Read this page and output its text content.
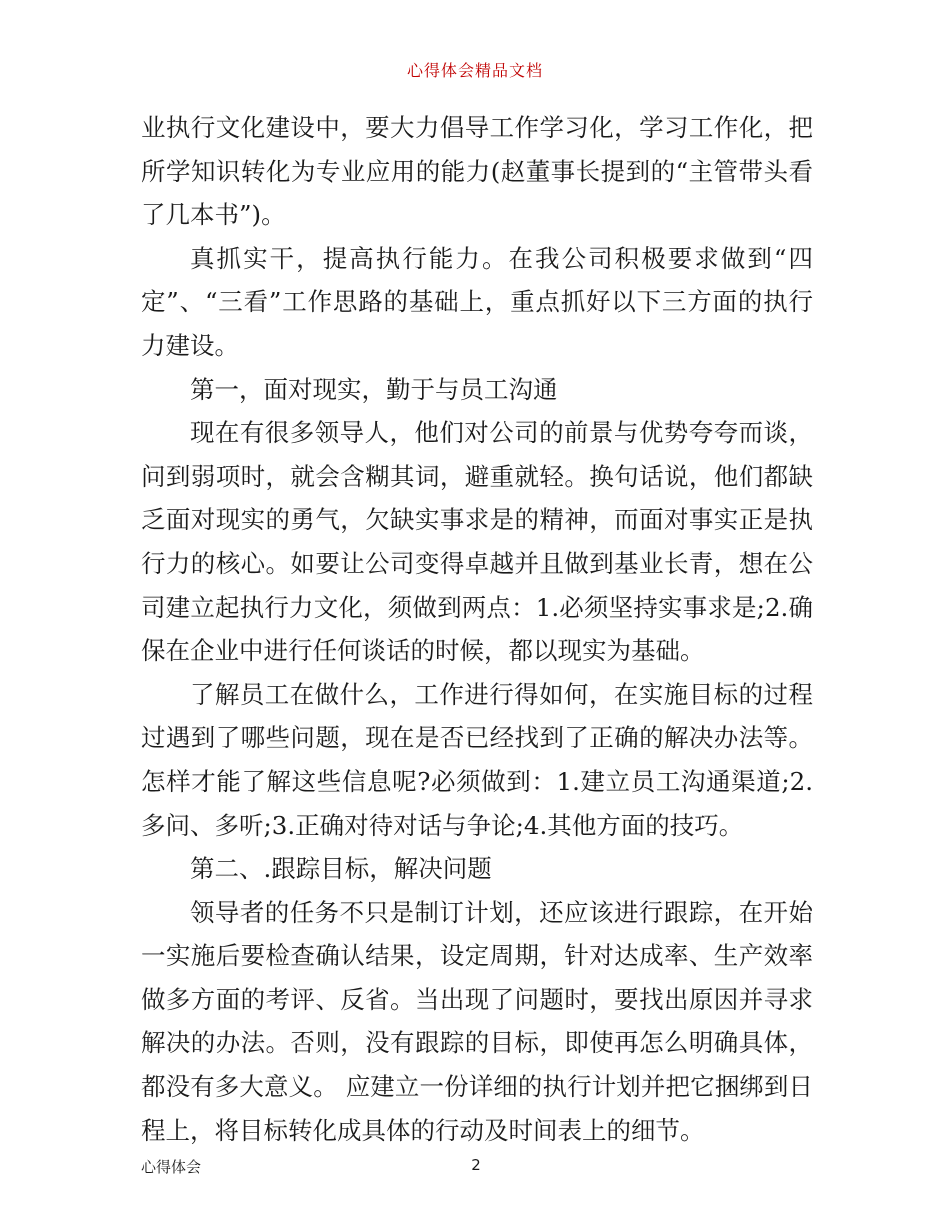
心得体会精品文档

业执行文化建设中，要大力倡导工作学习化，学习工作化，把所学知识转化为专业应用的能力(赵董事长提到的“主管带头看了几本书”)。

真抓实干，提高执行能力。在我公司积极要求做到“四定”、“三看”工作思路的基础上，重点抓好以下三方面的执行力建设。

第一，面对现实，勤于与员工沟通

现在有很多领导人，他们对公司的前景与优势夸夸而谈，问到弱项时，就会含糊其词，避重就轻。换句话说，他们都缺乏面对现实的勇气，欠缺实事求是的精神，而面对事实正是执行力的核心。如要让公司变得卓越并且做到基业长青，想在公司建立起执行力文化，须做到两点：1.必须坚持实事求是;2.确保在企业中进行任何谈话的时候，都以现实为基础。

了解员工在做什么，工作进行得如何，在实施目标的过程过遇到了哪些问题，现在是否已经找到了正确的解决办法等。怎样才能了解这些信息呢?必须做到：1.建立员工沟通渠道;2.多问、多听;3.正确对待对话与争论;4.其他方面的技巧。

第二、.跟踪目标，解决问题

领导者的任务不只是制订计划，还应该进行跟踪，在开始一实施后要检查确认结果，设定周期，针对达成率、生产效率做多方面的考评、反省。当出现了问题时，要找出原因并寻求解决的办法。否则，没有跟踪的目标，即使再怎么明确具体，都没有多大意义。 应建立一份详细的执行计划并把它捆绑到日程上，将目标转化成具体的行动及时间表上的细节。

心得体会	2
